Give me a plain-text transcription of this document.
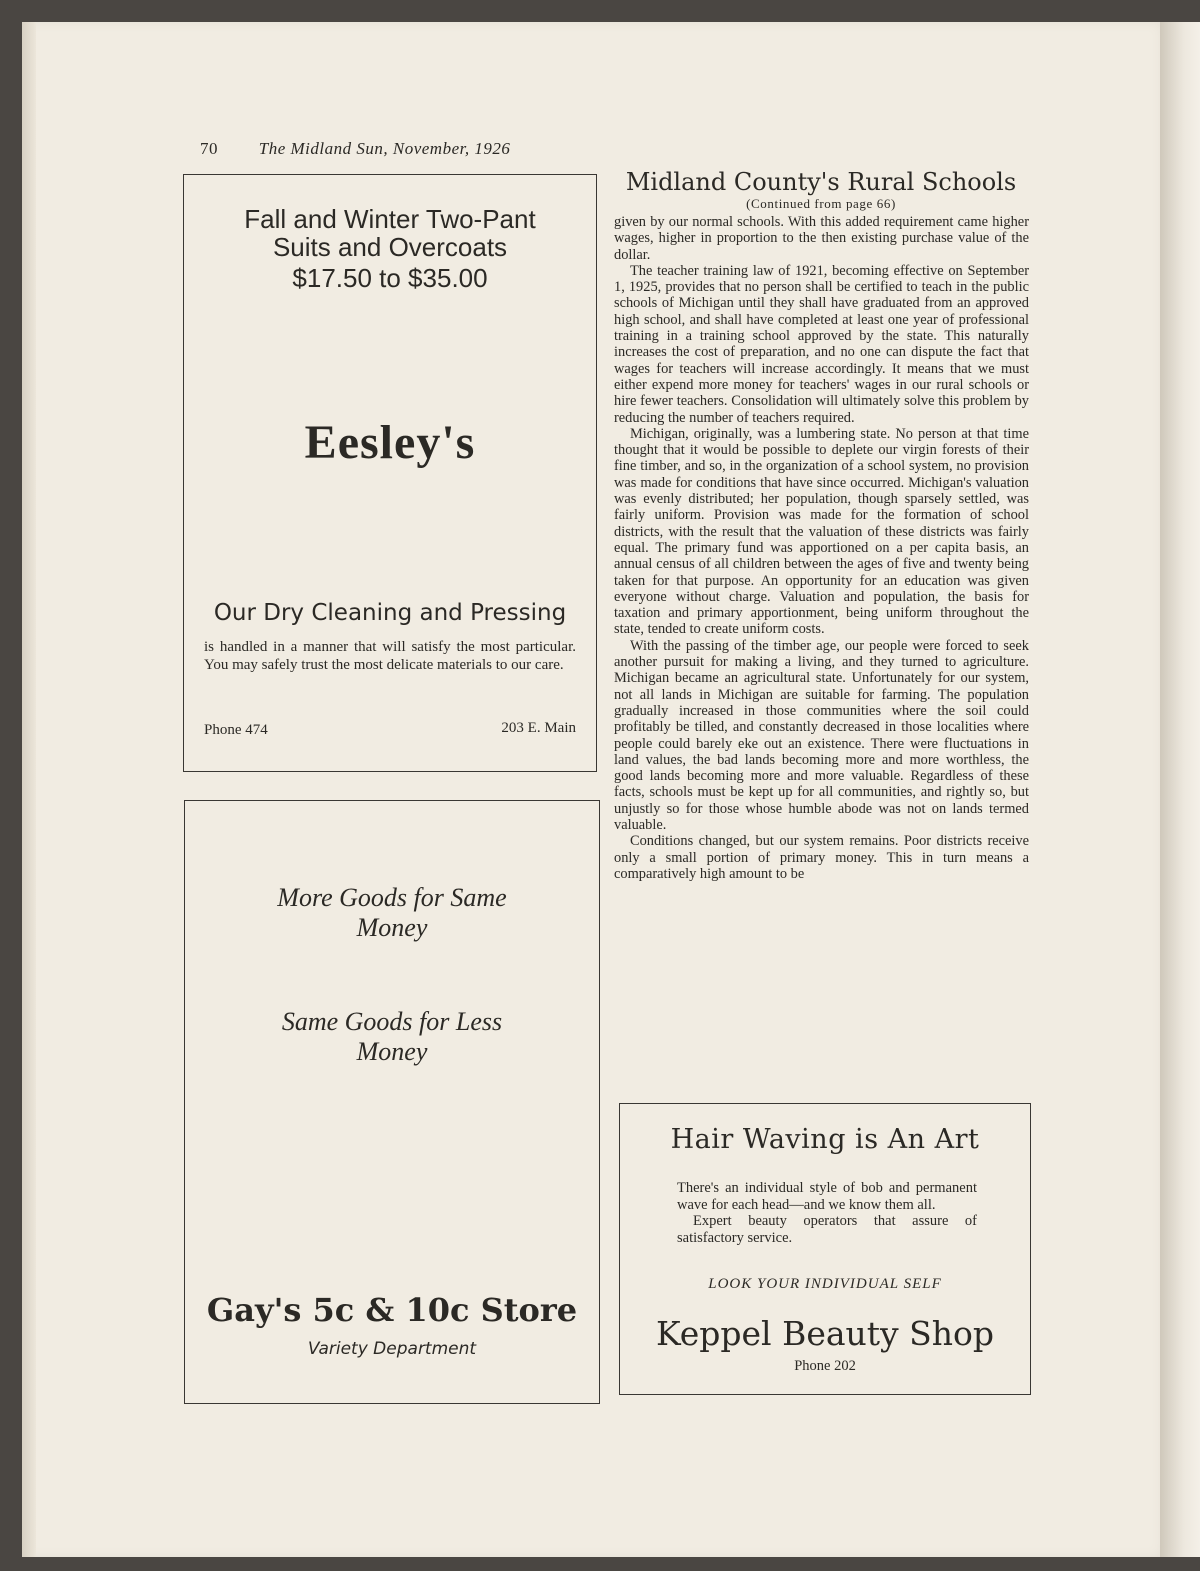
70 The Midland Sun, November, 1926
Fall and Winter Two-Pant Suits and Overcoats
$17.50 to $35.00
Eesley's
Our Dry Cleaning and Pressing
is handled in a manner that will satisfy the most particular. You may safely trust the most delicate materials to our care.
Phone 474	203 E. Main
More Goods for Same Money
Same Goods for Less Money
Gay's 5c & 10c Store
Variety Department
Midland County's Rural Schools
(Continued from page 66)

given by our normal schools. With this added requirement came higher wages, higher in proportion to the then existing purchase value of the dollar.

The teacher training law of 1921, becoming effective on September 1, 1925, provides that no person shall be certified to teach in the public schools of Michigan until they shall have graduated from an approved high school, and shall have completed at least one year of professional training in a training school approved by the state. This naturally increases the cost of preparation, and no one can dispute the fact that wages for teachers will increase accordingly. It means that we must either expend more money for teachers' wages in our rural schools or hire fewer teachers. Consolidation will ultimately solve this problem by reducing the number of teachers required.

Michigan, originally, was a lumbering state. No person at that time thought that it would be possible to deplete our virgin forests of their fine timber, and so, in the organization of a school system, no provision was made for conditions that have since occurred. Michigan's valuation was evenly distributed; her population, though sparsely settled, was fairly uniform. Provision was made for the formation of school districts, with the result that the valuation of these districts was fairly equal. The primary fund was apportioned on a per capita basis, an annual census of all children between the ages of five and twenty being taken for that purpose. An opportunity for an education was given everyone without charge. Valuation and population, the basis for taxation and primary apportionment, being uniform throughout the state, tended to create uniform costs.

With the passing of the timber age, our people were forced to seek another pursuit for making a living, and they turned to agriculture. Michigan became an agricultural state. Unfortunately for our system, not all lands in Michigan are suitable for farming. The population gradually increased in those communities where the soil could profitably be tilled, and constantly decreased in those localities where people could barely eke out an existence. There were fluctuations in land values, the bad lands becoming more and more worthless, the good lands becoming more and more valuable. Regardless of these facts, schools must be kept up for all communities, and rightly so, but unjustly so for those whose humble abode was not on lands termed valuable.

Conditions changed, but our system remains. Poor districts receive only a small portion of primary money. This in turn means a comparatively high amount to be

Hair Waving is An Art

There's an individual style of bob and permanent wave for each head—and we know them all.

Expert beauty operators that assure of satisfactory service.

LOOK YOUR INDIVIDUAL SELF
Keppel Beauty Shop
Phone 202
